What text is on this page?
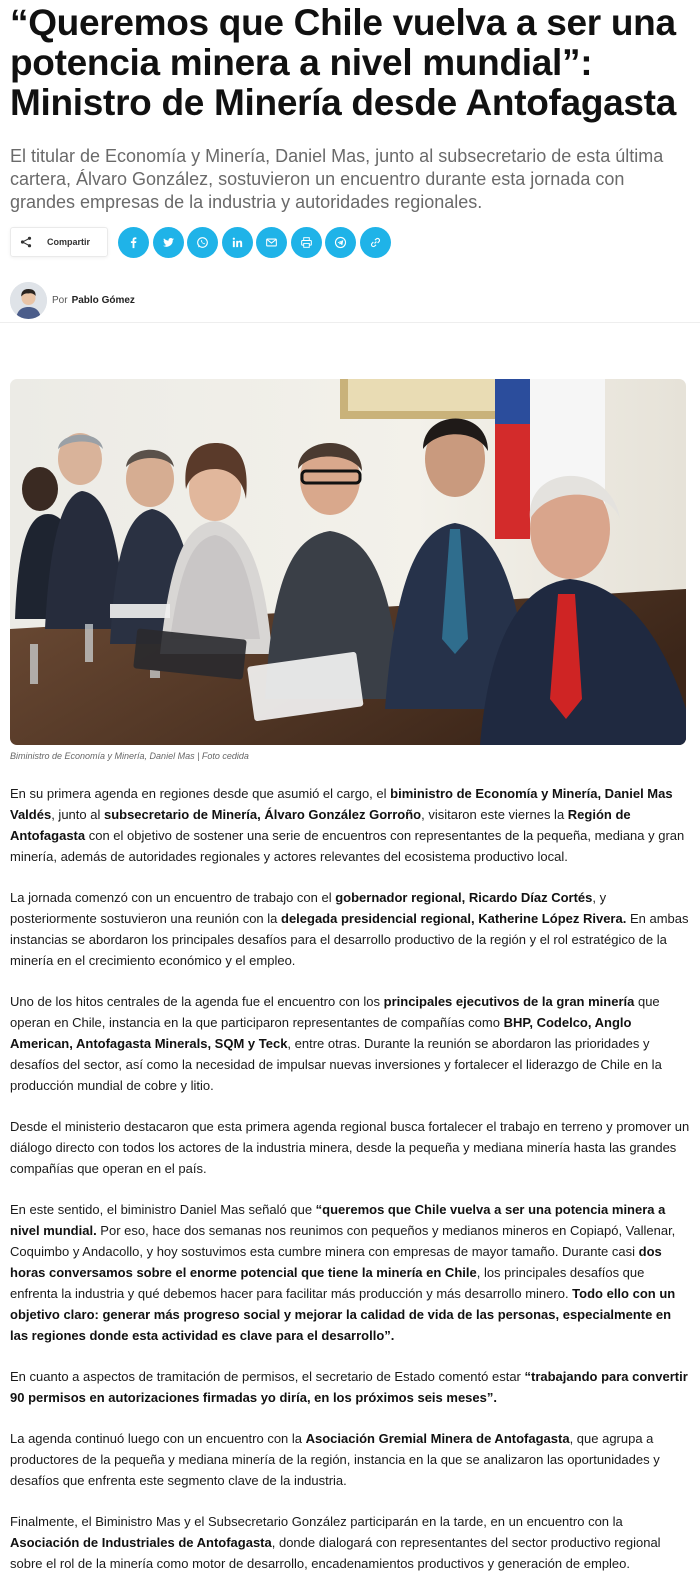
“Queremos que Chile vuelva a ser una potencia minera a nivel mundial”: Ministro de Minería desde Antofagasta

El titular de Economía y Minería, Daniel Mas, junto al subsecretario de esta última cartera, Álvaro González, sostuvieron un encuentro durante esta jornada con grandes empresas de la industria y autoridades regionales.

Compartir
Por Pablo Gómez

Biministro de Economía y Minería, Daniel Mas | Foto cedida

En su primera agenda en regiones desde que asumió el cargo, el biministro de Economía y Minería, Daniel Mas Valdés, junto al subsecretario de Minería, Álvaro González Gorroño, visitaron este viernes la Región de Antofagasta con el objetivo de sostener una serie de encuentros con representantes de la pequeña, mediana y gran minería, además de autoridades regionales y actores relevantes del ecosistema productivo local.

La jornada comenzó con un encuentro de trabajo con el gobernador regional, Ricardo Díaz Cortés, y posteriormente sostuvieron una reunión con la delegada presidencial regional, Katherine López Rivera. En ambas instancias se abordaron los principales desafíos para el desarrollo productivo de la región y el rol estratégico de la minería en el crecimiento económico y el empleo.

Uno de los hitos centrales de la agenda fue el encuentro con los principales ejecutivos de la gran minería que operan en Chile, instancia en la que participaron representantes de compañías como BHP, Codelco, Anglo American, Antofagasta Minerals, SQM y Teck, entre otras. Durante la reunión se abordaron las prioridades y desafíos del sector, así como la necesidad de impulsar nuevas inversiones y fortalecer el liderazgo de Chile en la producción mundial de cobre y litio.

Desde el ministerio destacaron que esta primera agenda regional busca fortalecer el trabajo en terreno y promover un diálogo directo con todos los actores de la industria minera, desde la pequeña y mediana minería hasta las grandes compañías que operan en el país.

En este sentido, el biministro Daniel Mas señaló que “queremos que Chile vuelva a ser una potencia minera a nivel mundial. Por eso, hace dos semanas nos reunimos con pequeños y medianos mineros en Copiapó, Vallenar, Coquimbo y Andacollo, y hoy sostuvimos esta cumbre minera con empresas de mayor tamaño. Durante casi dos horas conversamos sobre el enorme potencial que tiene la minería en Chile, los principales desafíos que enfrenta la industria y qué debemos hacer para facilitar más producción y más desarrollo minero. Todo ello con un objetivo claro: generar más progreso social y mejorar la calidad de vida de las personas, especialmente en las regiones donde esta actividad es clave para el desarrollo”.

En cuanto a aspectos de tramitación de permisos, el secretario de Estado comentó estar “trabajando para convertir 90 permisos en autorizaciones firmadas yo diría, en los próximos seis meses”.

La agenda continuó luego con un encuentro con la Asociación Gremial Minera de Antofagasta, que agrupa a productores de la pequeña y mediana minería de la región, instancia en la que se analizaron las oportunidades y desafíos que enfrenta este segmento clave de la industria.

Finalmente, el Biministro Mas y el Subsecretario González participarán en la tarde, en un encuentro con la Asociación de Industriales de Antofagasta, donde dialogará con representantes del sector productivo regional sobre el rol de la minería como motor de desarrollo, encadenamientos productivos y generación de empleo.
